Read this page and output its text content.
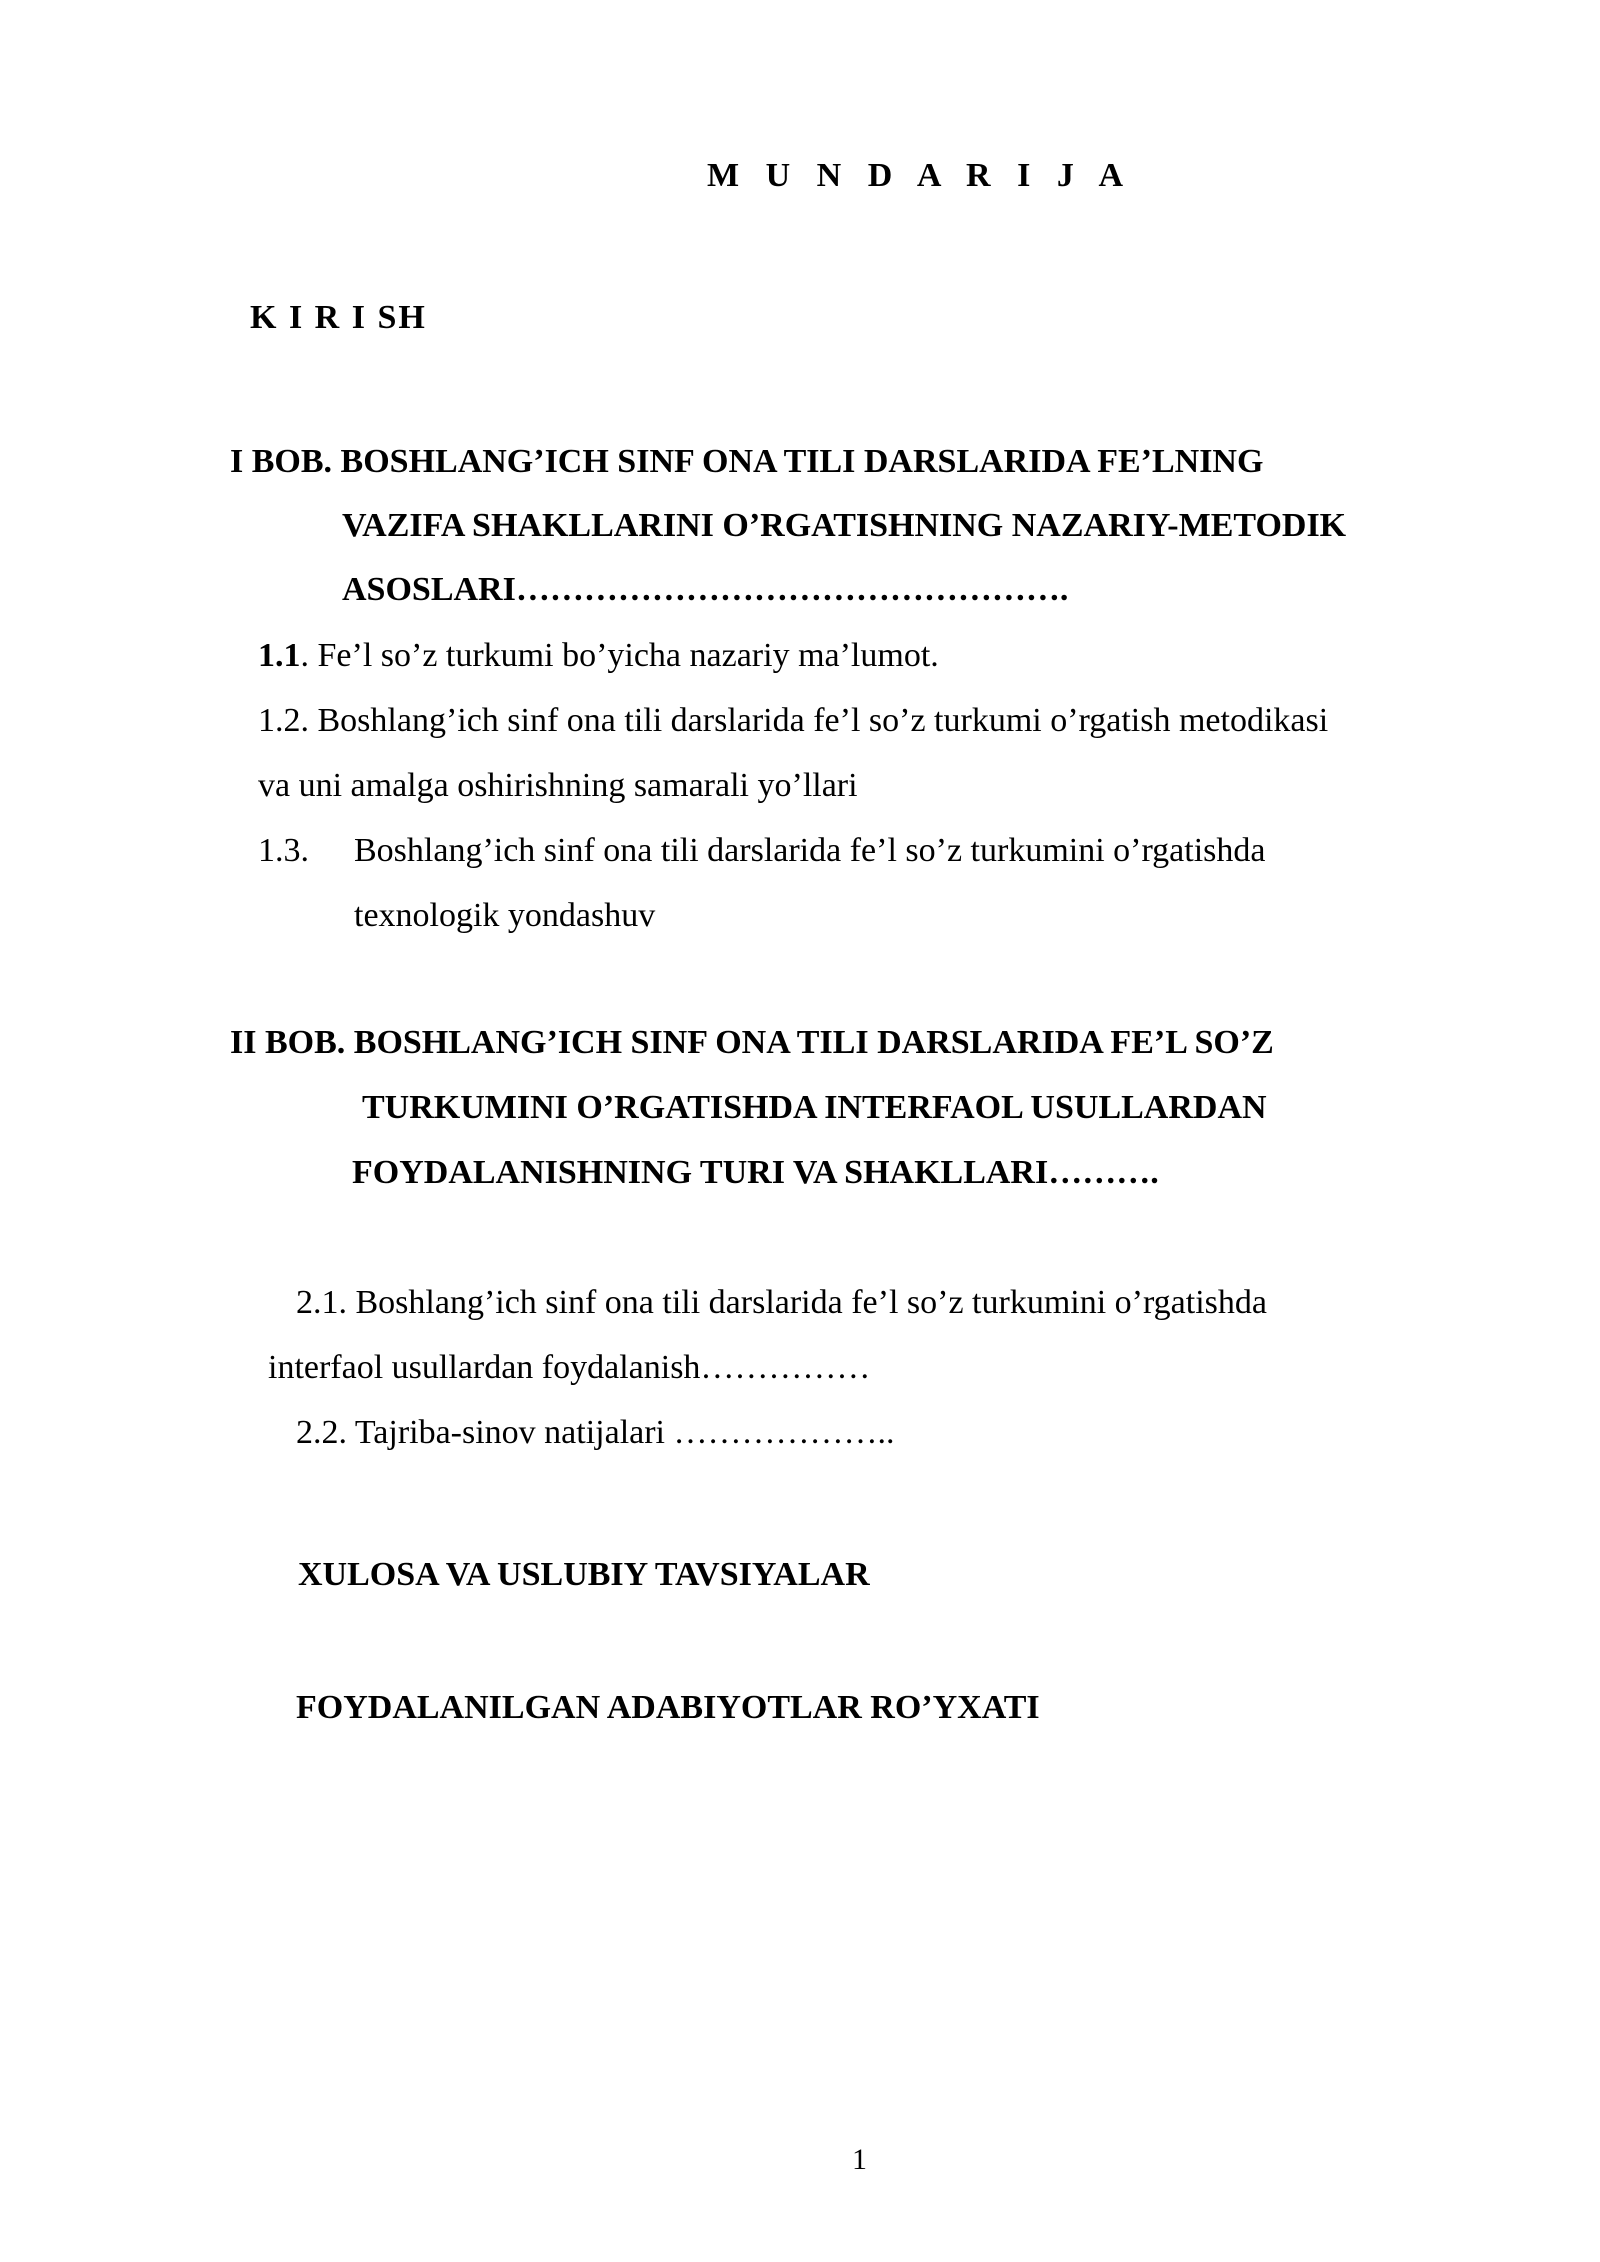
M U N D A R I J A
K I R I SH
I BOB. BOSHLANG’ICH SINF ONA TILI DARSLARIDA FE’LNING
VAZIFA SHAKLLARINI O’RGATISHNING NAZARIY-METODIK
ASOSLARI………………………………………….
1.1. Fe’l so’z turkumi bo’yicha nazariy ma’lumot.
1.2. Boshlang’ich sinf ona tili darslarida fe’l so’z turkumi o’rgatish metodikasi
va uni amalga oshirishning samarali yo’llari
1.3. Boshlang’ich sinf ona tili darslarida fe’l so’z turkumini o’rgatishda
texnologik yondashuv
II BOB. BOSHLANG’ICH SINF ONA TILI DARSLARIDA FE’L SO’Z
TURKUMINI O’RGATISHDA INTERFAOL USULLARDAN
FOYDALANISHNING TURI VA SHAKLLARI……….
2.1. Boshlang’ich sinf ona tili darslarida fe’l so’z turkumini o’rgatishda
interfaol usullardan foydalanish……………
2.2. Tajriba-sinov natijalari ………………..
XULOSA VA USLUBIY TAVSIYALAR
FOYDALANILGAN ADABIYOTLAR RO’YXATI
1
